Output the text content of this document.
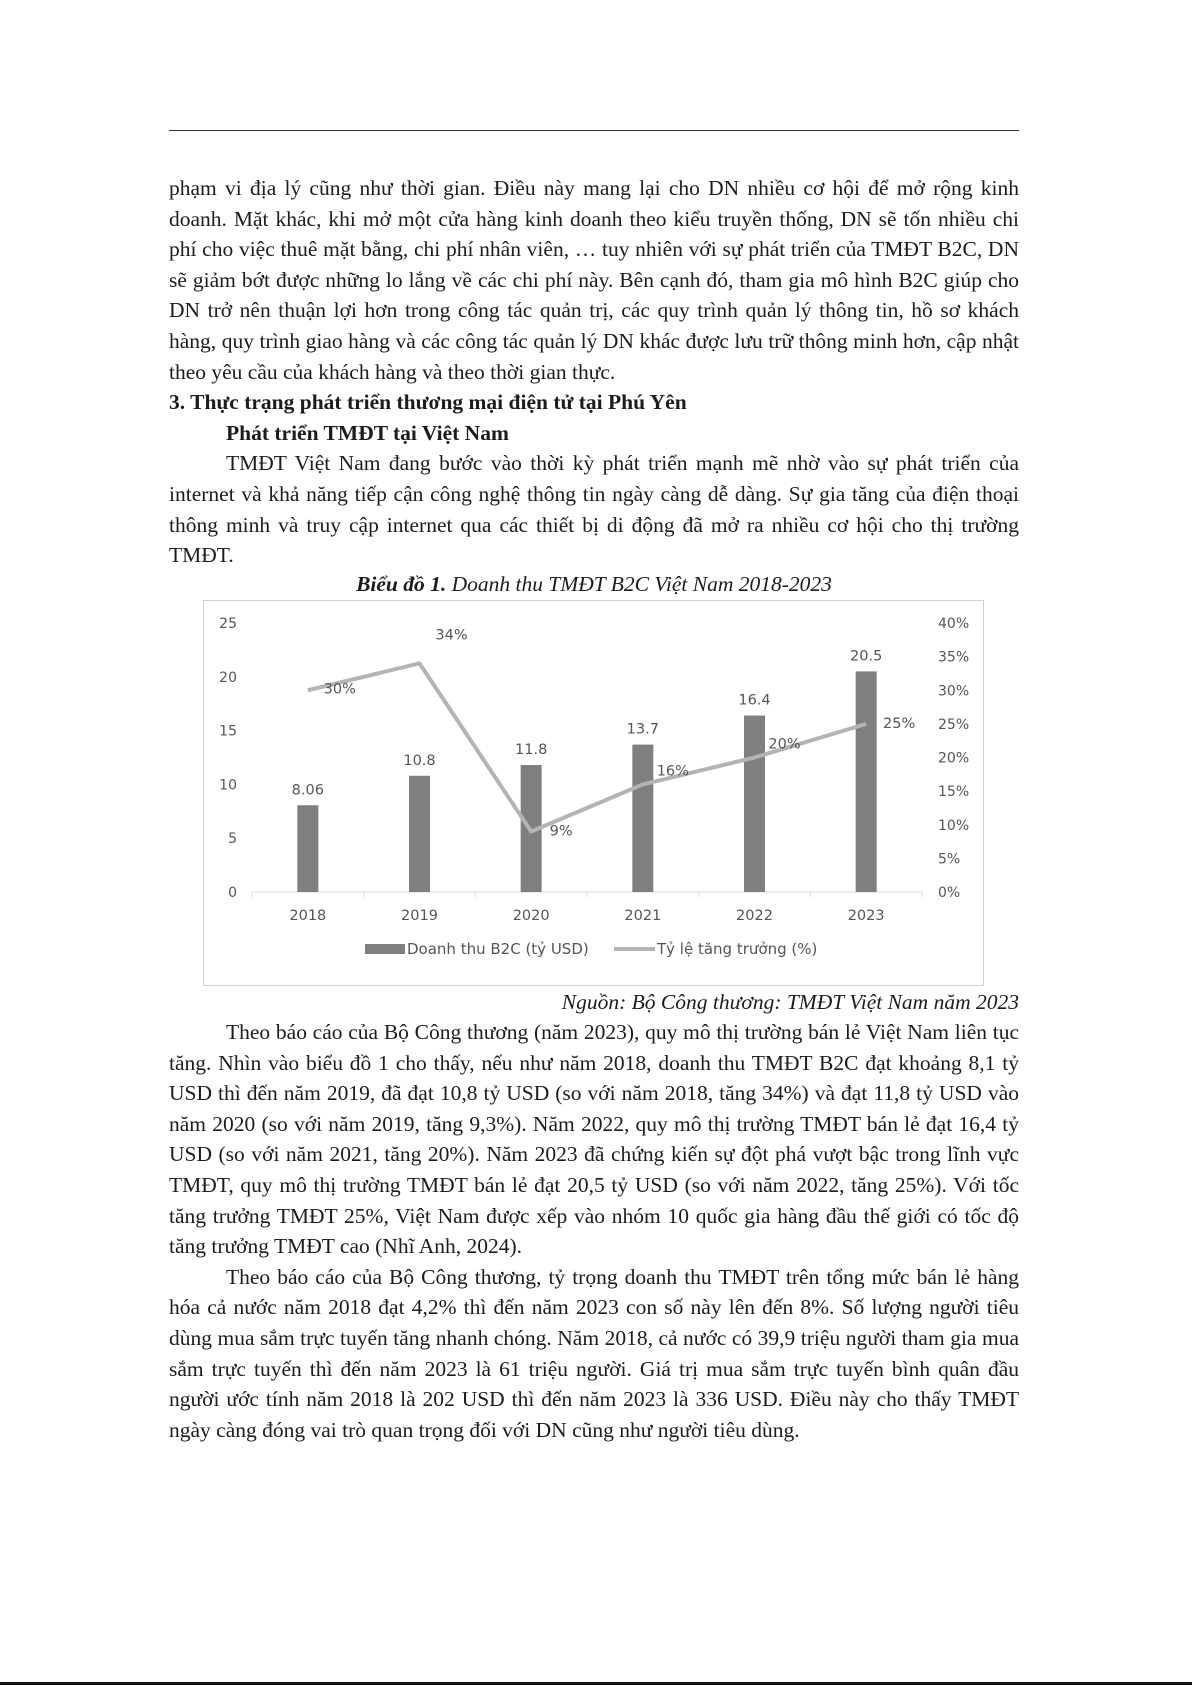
phạm vi địa lý cũng như thời gian. Điều này mang lại cho DN nhiều cơ hội để mở rộng kinh doanh. Mặt khác, khi mở một cửa hàng kinh doanh theo kiểu truyền thống, DN sẽ tốn nhiều chi phí cho việc thuê mặt bằng, chi phí nhân viên, … tuy nhiên với sự phát triển của TMĐT B2C, DN sẽ giảm bớt được những lo lắng về các chi phí này. Bên cạnh đó, tham gia mô hình B2C giúp cho DN trở nên thuận lợi hơn trong công tác quản trị, các quy trình quản lý thông tin, hồ sơ khách hàng, quy trình giao hàng và các công tác quản lý DN khác được lưu trữ thông minh hơn, cập nhật theo yêu cầu của khách hàng và theo thời gian thực.

3. Thực trạng phát triển thương mại điện tử tại Phú Yên

Phát triển TMĐT tại Việt Nam

TMĐT Việt Nam đang bước vào thời kỳ phát triển mạnh mẽ nhờ vào sự phát triển của internet và khả năng tiếp cận công nghệ thông tin ngày càng dễ dàng. Sự gia tăng của điện thoại thông minh và truy cập internet qua các thiết bị di động đã mở ra nhiều cơ hội cho thị trường TMĐT.

Biểu đồ 1. Doanh thu TMĐT B2C Việt Nam 2018-2023
0
5
10
15
20
25
0%
5%
10%
15%
20%
25%
30%
35%
40%
2018	2019	2020	2021	2022	2023
8.06
10.8
11.8
13.7
16.4
20.5
30%
34%
9%
16%
20%
25%
Doanh thu B2C (tỷ USD)	Tỷ lệ tăng trưởng (%)
Nguồn: Bộ Công thương: TMĐT Việt Nam năm 2023

Theo báo cáo của Bộ Công thương (năm 2023), quy mô thị trường bán lẻ Việt Nam liên tục tăng. Nhìn vào biểu đồ 1 cho thấy, nếu như năm 2018, doanh thu TMĐT B2C đạt khoảng 8,1 tỷ USD thì đến năm 2019, đã đạt 10,8 tỷ USD (so với năm 2018, tăng 34%) và đạt 11,8 tỷ USD vào năm 2020 (so với năm 2019, tăng 9,3%). Năm 2022, quy mô thị trường TMĐT bán lẻ đạt 16,4 tỷ USD (so với năm 2021, tăng 20%). Năm 2023 đã chứng kiến sự đột phá vượt bậc trong lĩnh vực TMĐT, quy mô thị trường TMĐT bán lẻ đạt 20,5 tỷ USD (so với năm 2022, tăng 25%). Với tốc tăng trưởng TMĐT 25%, Việt Nam được xếp vào nhóm 10 quốc gia hàng đầu thế giới có tốc độ tăng trưởng TMĐT cao (Nhĩ Anh, 2024).

Theo báo cáo của Bộ Công thương, tỷ trọng doanh thu TMĐT trên tổng mức bán lẻ hàng hóa cả nước năm 2018 đạt 4,2% thì đến năm 2023 con số này lên đến 8%. Số lượng người tiêu dùng mua sắm trực tuyến tăng nhanh chóng. Năm 2018, cả nước có 39,9 triệu người tham gia mua sắm trực tuyến thì đến năm 2023 là 61 triệu người. Giá trị mua sắm trực tuyến bình quân đầu người ước tính năm 2018 là 202 USD thì đến năm 2023 là 336 USD. Điều này cho thấy TMĐT ngày càng đóng vai trò quan trọng đối với DN cũng như người tiêu dùng.
